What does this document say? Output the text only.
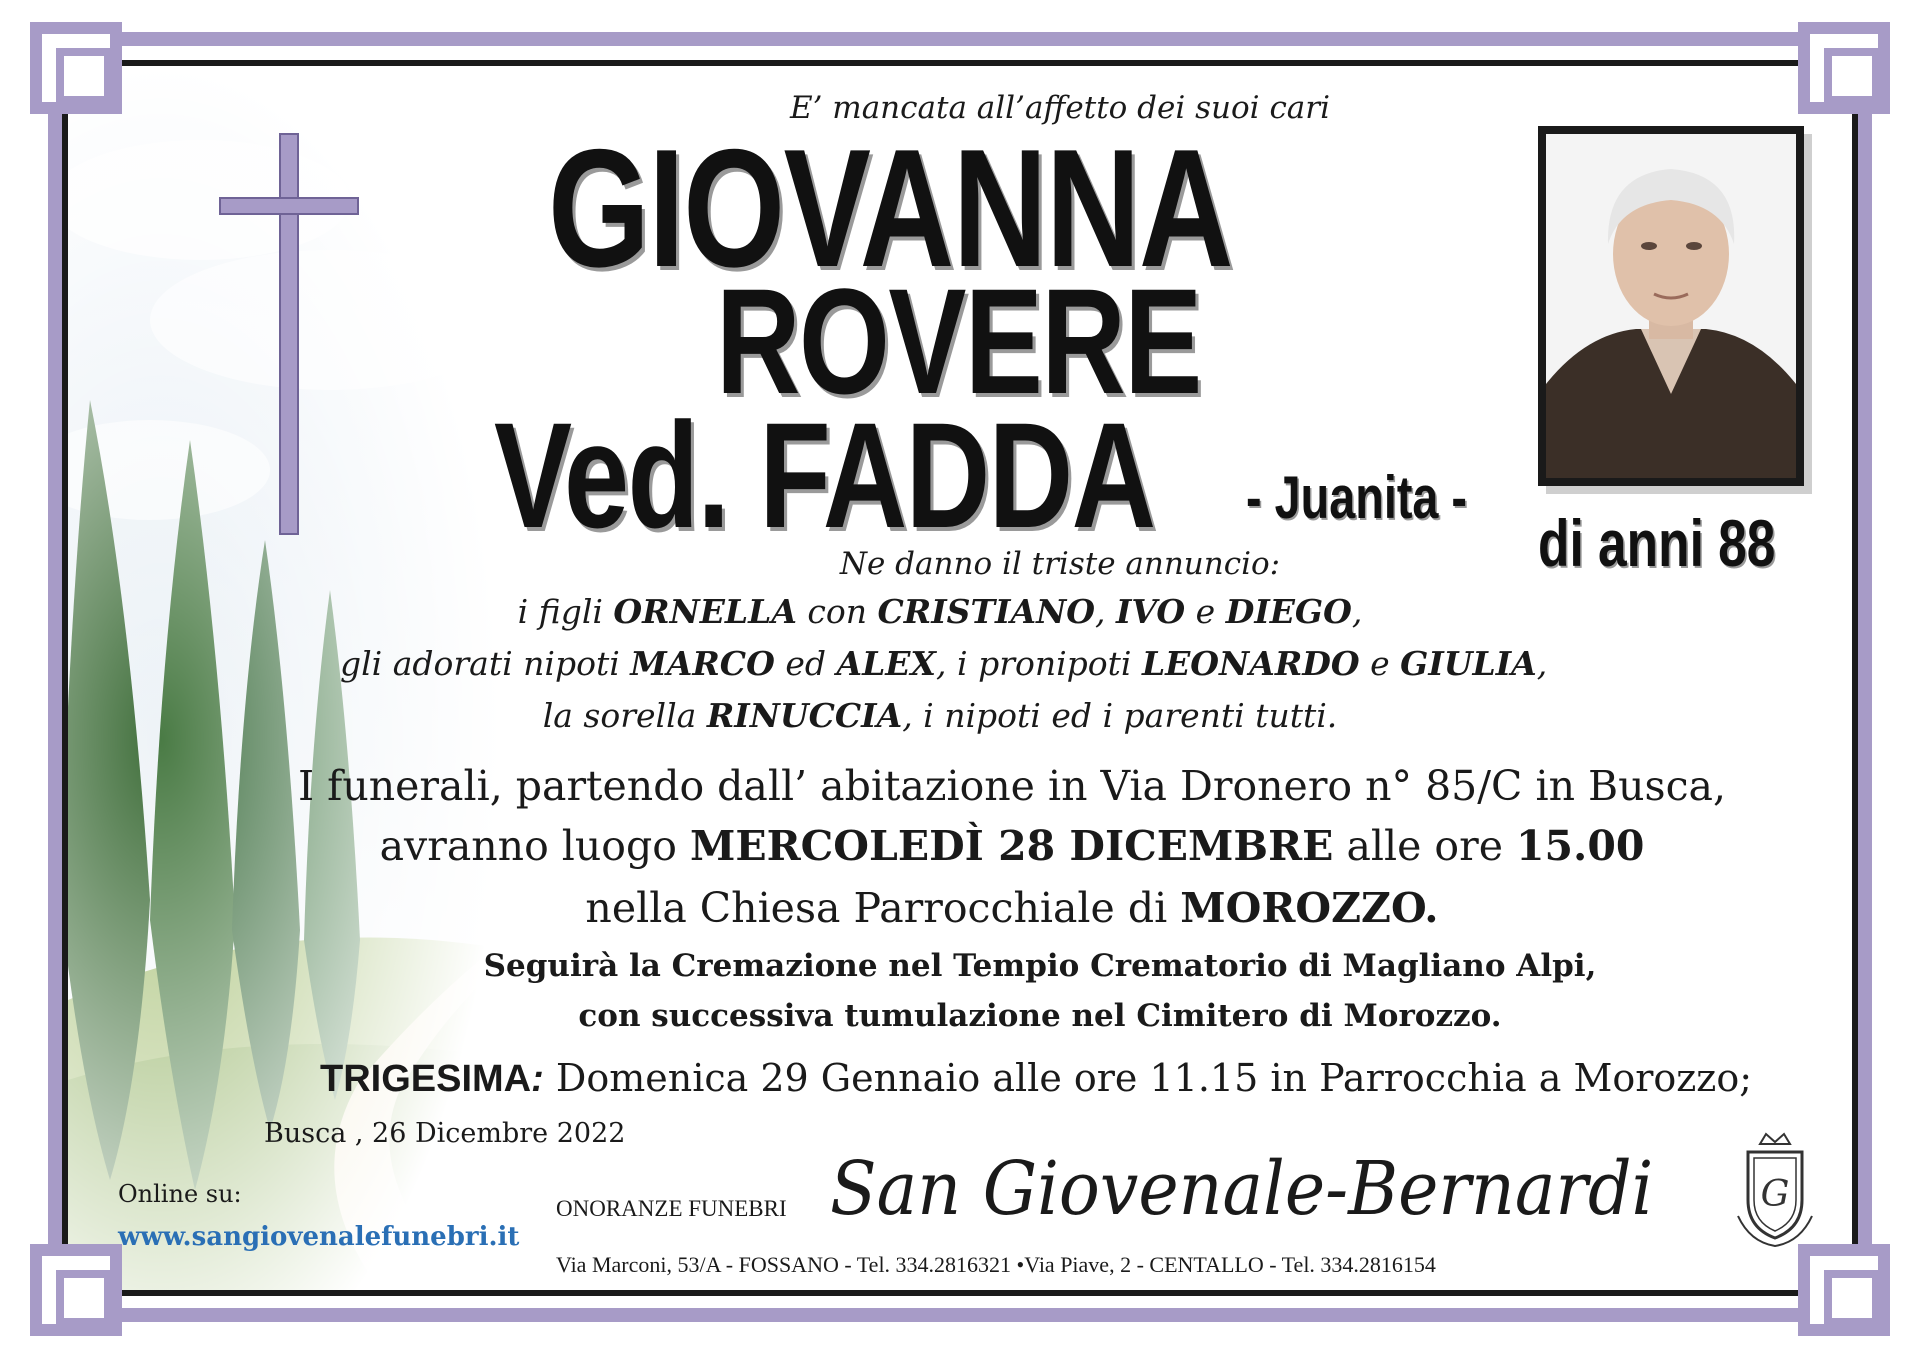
E’ mancata all’affetto dei suoi cari
GIOVANNA
ROVERE
Ved. FADDA - Juanita -
di anni 88
Ne danno il triste annuncio:
i figli ORNELLA con CRISTIANO, IVO e DIEGO,
gli adorati nipoti MARCO ed ALEX, i pronipoti LEONARDO e GIULIA,
la sorella RINUCCIA, i nipoti ed i parenti tutti.
I funerali, partendo dall’ abitazione in Via Dronero n° 85/C in Busca,
avranno luogo MERCOLEDÌ 28 DICEMBRE alle ore 15.00
nella Chiesa Parrocchiale di MOROZZO.
Seguirà la Cremazione nel Tempio Crematorio di Magliano Alpi,
con successiva tumulazione nel Cimitero di Morozzo.
TRIGESIMA: Domenica 29 Gennaio alle ore 11.15 in Parrocchia a Morozzo;
Busca , 26 Dicembre 2022
Online su:
www.sangiovenalefunebri.it
ONORANZE FUNEBRI San Giovenale-Bernardi
Via Marconi, 53/A - FOSSANO - Tel. 334.2816321 •Via Piave, 2 - CENTALLO - Tel. 334.2816154
G
